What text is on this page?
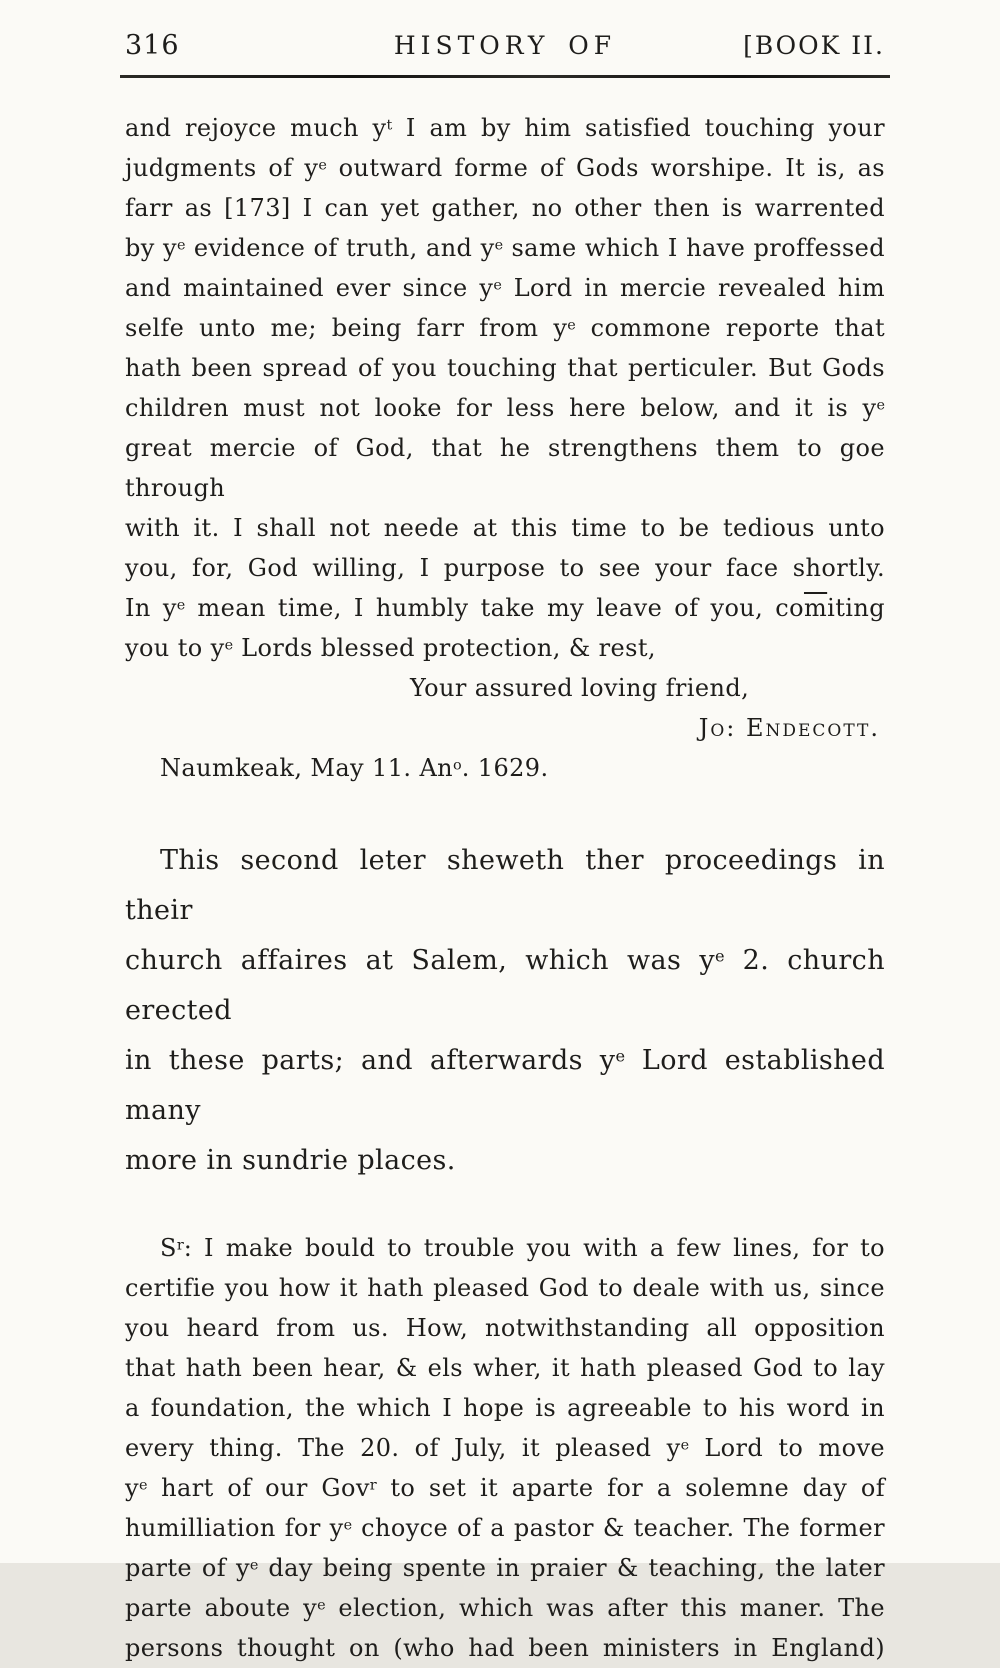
316	HISTORY OF	[BOOK II.
and rejoyce much $y^t$ I am by him satisfied touching your
judgments of $y^e$ outward forme of Gods worshipe. It is, as
farr as [173] I can yet gather, no other then is warrented
by $y^e$ evidence of truth, and $y^e$ same which I have proffessed
and maintained ever since $y^e$ Lord in mercie revealed him
selfe unto me; being farr from $y^e$ commone reporte that
hath been spread of you touching that perticuler. But Gods
children must not looke for less here below, and it is $y^e$
great mercie of God, that he strengthens them to goe through
with it. I shall not neede at this time to be tedious unto
you, for, God willing, I purpose to see your face shortly.
In $y^e$ mean time, I humbly take my leave of you, $co\overline{m}iting$
you to $y^e$ Lords blessed protection, & rest,
Your assured loving friend,
Jo: Endecott.
Naumkeak, May 11. An$^o$. 1629.
This second leter sheweth ther proceedings in their
church affaires at Salem, which was $y^e$ 2. church erected
in these parts; and afterwards $y^e$ Lord established many
more in sundrie places.
$S^r$: I make bould to trouble you with a few lines, for to
certifie you how it hath pleased God to deale with us, since
you heard from us. How, notwithstanding all opposition
that hath been hear, & els wher, it hath pleased God to lay
a foundation, the which I hope is agreeable to his word in
every thing. The 20. of July, it pleased $y^e$ Lord to move
$y^e$ hart of our Gov$^r$ to set it aparte for a solemne day of
humilliation for $y^e$ choyce of a pastor & teacher. The former
parte of $y^e$ day being spente in praier & teaching, the later
parte aboute $y^e$ election, which was after this maner. The
persons thought on (who had been ministers in England)
